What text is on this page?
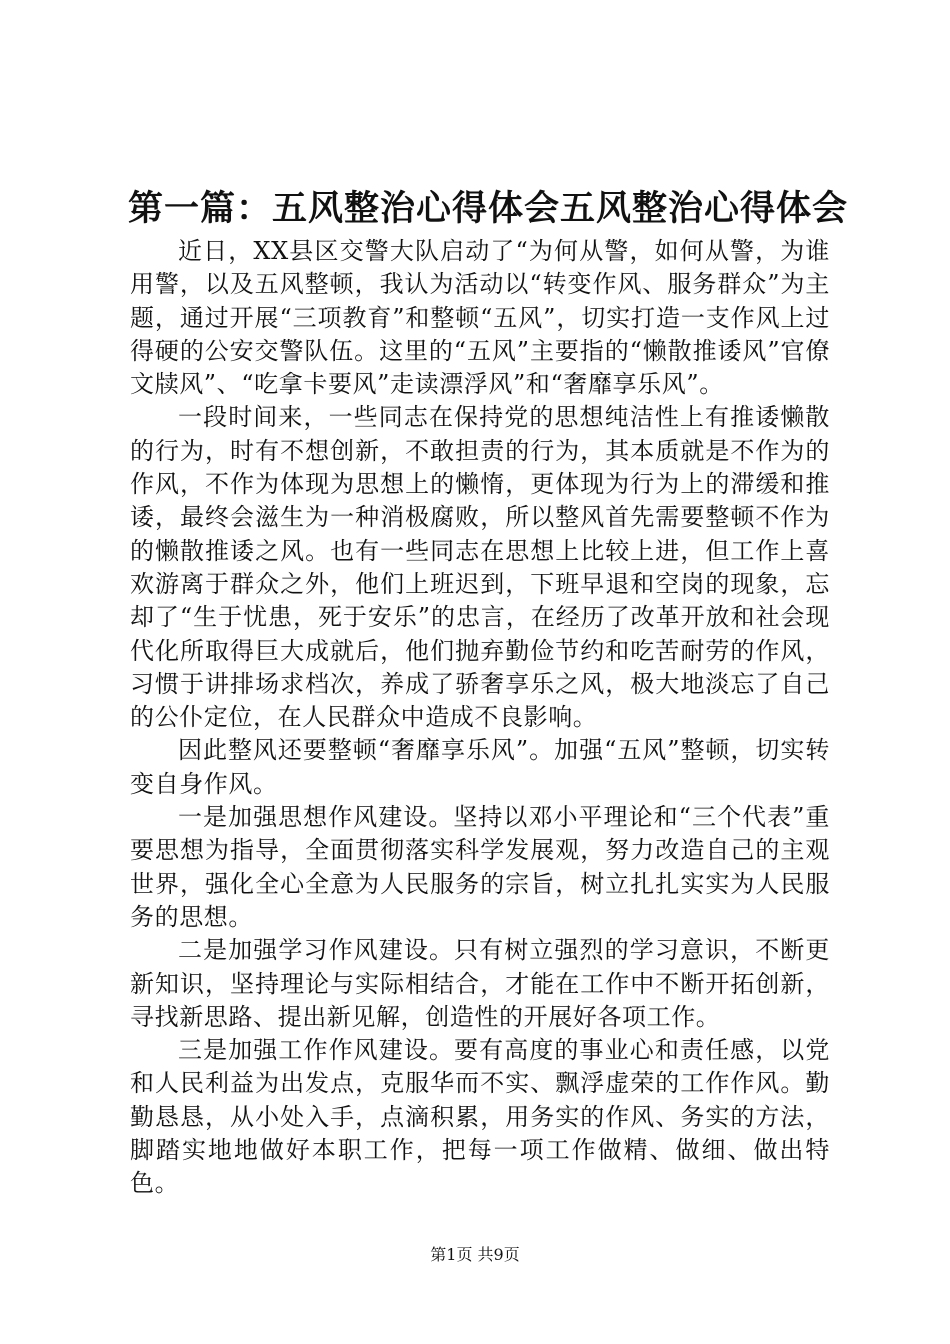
第一篇：五风整治心得体会五风整治心得体会

近日，XX县区交警大队启动了“为何从警，如何从警，为谁用警，以及五风整顿，我认为活动以“转变作风、服务群众”为主题，通过开展“三项教育”和整顿“五风”，切实打造一支作风上过得硬的公安交警队伍。这里的“五风”主要指的“懒散推诿风”官僚文牍风”、“吃拿卡要风”走读漂浮风”和“奢靡享乐风”。

一段时间来，一些同志在保持党的思想纯洁性上有推诿懒散的行为，时有不想创新，不敢担责的行为，其本质就是不作为的作风，不作为体现为思想上的懒惰，更体现为行为上的滞缓和推诿，最终会滋生为一种消极腐败，所以整风首先需要整顿不作为的懒散推诿之风。也有一些同志在思想上比较上进，但工作上喜欢游离于群众之外，他们上班迟到，下班早退和空岗的现象，忘却了“生于忧患，死于安乐”的忠言，在经历了改革开放和社会现代化所取得巨大成就后，他们抛弃勤俭节约和吃苦耐劳的作风，习惯于讲排场求档次，养成了骄奢享乐之风，极大地淡忘了自己的公仆定位，在人民群众中造成不良影响。

因此整风还要整顿“奢靡享乐风”。加强“五风”整顿，切实转变自身作风。

一是加强思想作风建设。坚持以邓小平理论和“三个代表”重要思想为指导，全面贯彻落实科学发展观，努力改造自己的主观世界，强化全心全意为人民服务的宗旨，树立扎扎实实为人民服务的思想。

二是加强学习作风建设。只有树立强烈的学习意识，不断更新知识，坚持理论与实际相结合，才能在工作中不断开拓创新，寻找新思路、提出新见解，创造性的开展好各项工作。

三是加强工作作风建设。要有高度的事业心和责任感，以党和人民利益为出发点，克服华而不实、飘浮虚荣的工作作风。勤勤恳恳，从小处入手，点滴积累，用务实的作风、务实的方法，脚踏实地地做好本职工作，把每一项工作做精、做细、做出特色。

第1页 共9页
